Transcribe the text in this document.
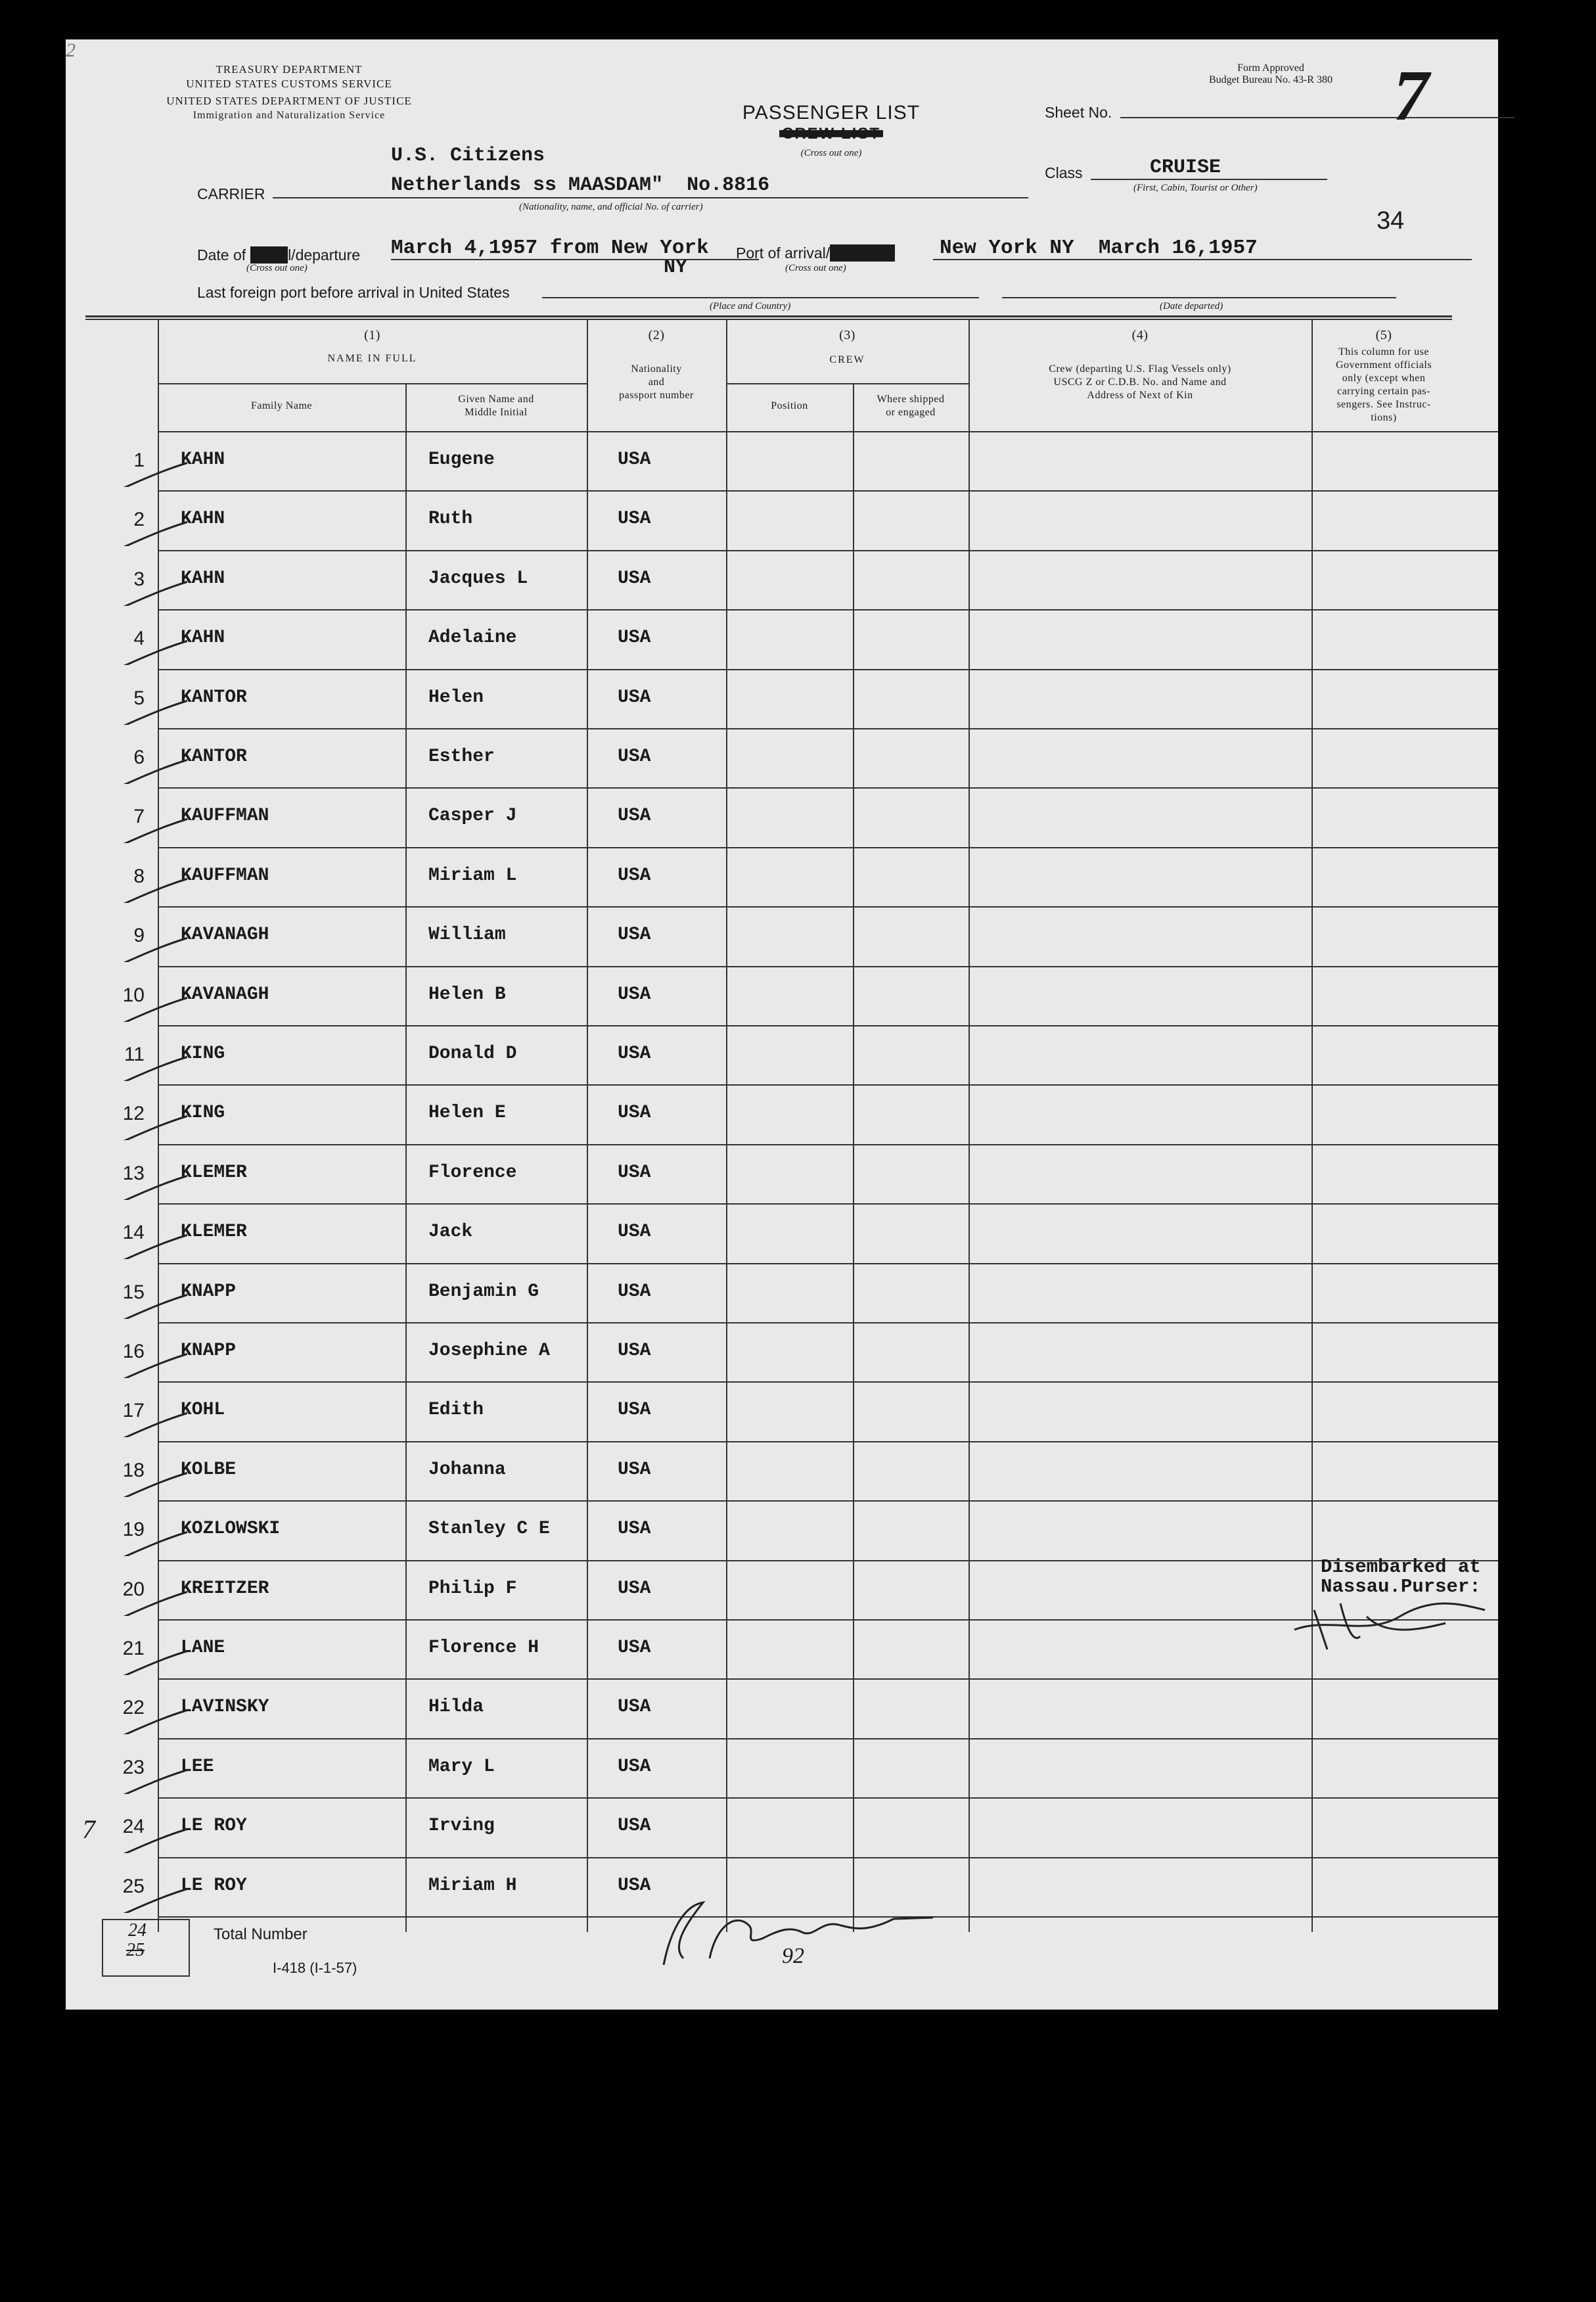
2
TREASURY DEPARTMENT
UNITED STATES CUSTOMS SERVICE
UNITED STATES DEPARTMENT OF JUSTICE
Immigration and Naturalization Service
Form Approved
Budget Bureau No. 43-R 380
PASSENGER LIST
CREW LIST
(Cross out one)
Sheet No.	7
U.S. Citizens
CARRIER	Netherlands ss MAASDAM"  No.8816
(Nationality, name, and official No. of carrier)
Class	CRUISE
(First, Cabin, Tourist or Other)
34
Date of arrival/departure
(Cross out one)
March 4,1957 from New York
NY
Port of arrival/departure
(Cross out one)
New York NY  March 16,1957
Last foreign port before arrival in United States
(Place and Country)	(Date departed)
(1)
NAME IN FULL
Family Name
Given Name and
Middle Initial
(2)
Nationality
and
passport number
(3)
CREW
Position
Where shipped
or engaged
(4)
Crew (departing U.S. Flag Vessels only)
USCG Z or C.D.B. No. and Name and
Address of Next of Kin
(5)
This column for use
Government officials
only (except when
carrying certain pas-
sengers. See Instruc-
tions)
1 KAHN	Eugene	USA
2 KAHN	Ruth	USA
3 KAHN	Jacques L	USA
4 KAHN	Adelaine	USA
5 KANTOR	Helen	USA
6 KANTOR	Esther	USA
7 KAUFFMAN	Casper J	USA
8 KAUFFMAN	Miriam L	USA
9 KAVANAGH	William	USA
10 KAVANAGH	Helen B	USA
11 KING	Donald D	USA
12 KING	Helen E	USA
13 KLEMER	Florence	USA
14 KLEMER	Jack	USA
15 KNAPP	Benjamin G	USA
16 KNAPP	Josephine A	USA
17 KOHL	Edith	USA
18 KOLBE	Johanna	USA
19 KOZLOWSKI	Stanley C E	USA
20 KREITZER	Philip F	USA
21 LANE	Florence H	USA
22 LAVINSKY	Hilda	USA
23 LEE	Mary L	USA
24 LE ROY	Irving	USA
25 LE ROY	Miriam H	USA
Disembarked at
Nassau.Purser:
24
25
Total Number
I-418 (I-1-57)	92
7
